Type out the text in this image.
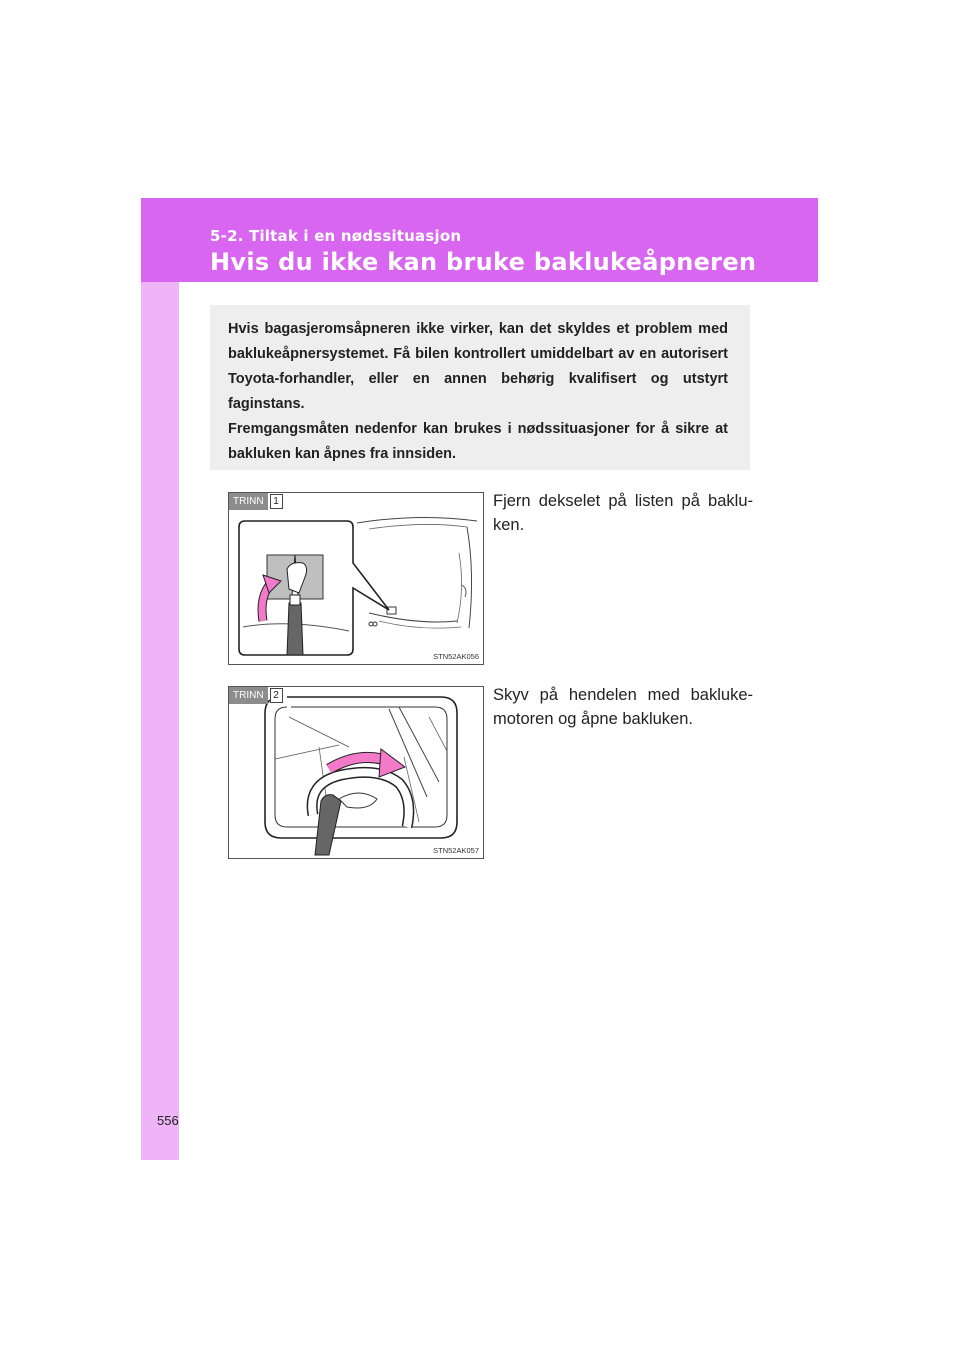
5-2. Tiltak i en nødssituasjon
Hvis du ikke kan bruke baklukeåpneren

Hvis bagasjeromsåpneren ikke virker, kan det skyldes et problem med baklukeåpnersystemet. Få bilen kontrollert umiddelbart av en autorisert Toyota-forhandler, eller en annen behørig kvalifisert og utstyrt faginstans.

Fremgangsmåten nedenfor kan brukes i nødssituasjoner for å sikre at bakluken kan åpnes fra innsiden.

TRINN 1
STN52AK056
Fjern dekselet på listen på baklu-ken.
TRINN 2
STN52AK057
Skyv på hendelen med bakluke-motoren og åpne bakluken.
556
